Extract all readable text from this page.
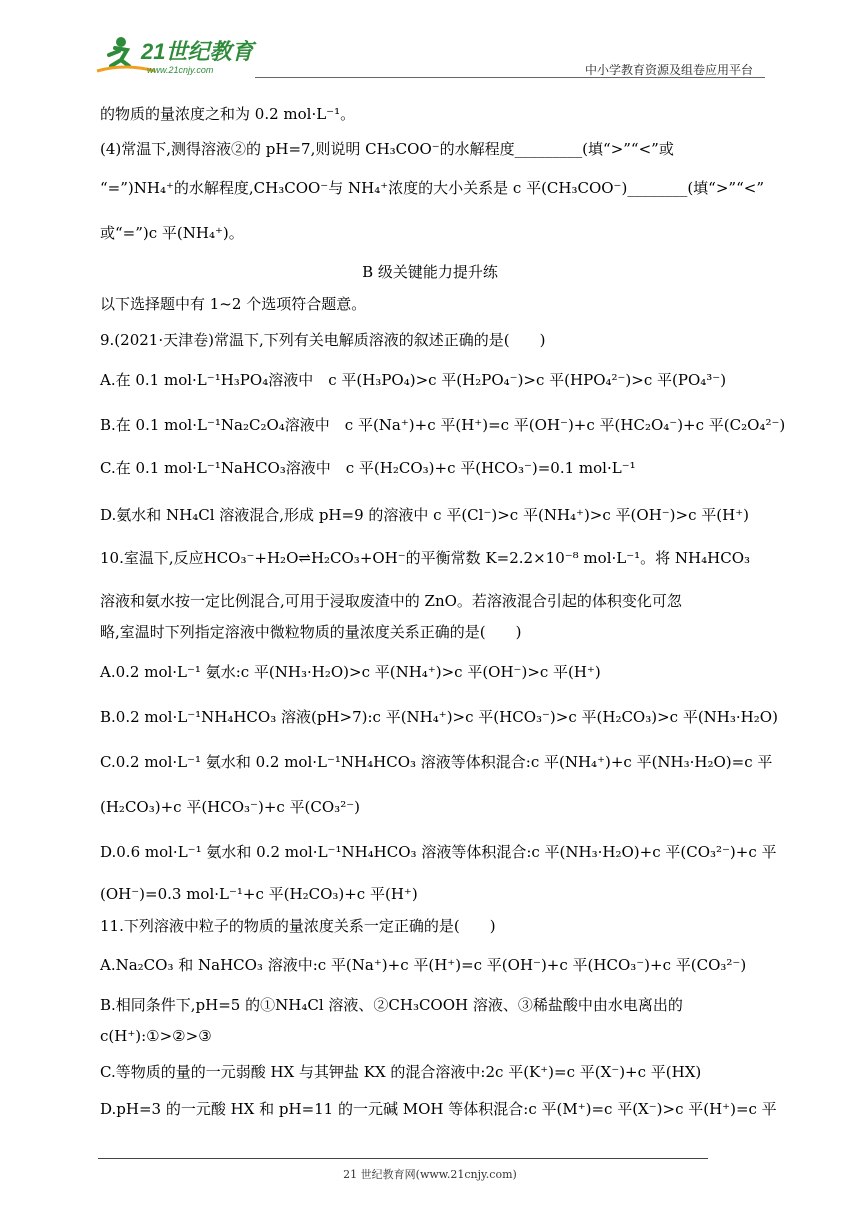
21世纪教育
www.21cnjy.com	中小学教育资源及组卷应用平台
的物质的量浓度之和为 0.2 mol·L⁻¹。
(4)常温下,测得溶液②的 pH=7,则说明 CH₃COO⁻的水解程度_________(填“>”“<”或
“=”)NH₄⁺的水解程度,CH₃COO⁻与 NH₄⁺浓度的大小关系是 c 平(CH₃COO⁻)________(填“>”“<”
或“=”)c 平(NH₄⁺)。
B 级关键能力提升练
以下选择题中有 1~2 个选项符合题意。
9.(2021·天津卷)常温下,下列有关电解质溶液的叙述正确的是(　　)
A.在 0.1 mol·L⁻¹H₃PO₄溶液中　c 平(H₃PO₄)>c 平(H₂PO₄⁻)>c 平(HPO₄²⁻)>c 平(PO₄³⁻)
B.在 0.1 mol·L⁻¹Na₂C₂O₄溶液中　c 平(Na⁺)+c 平(H⁺)=c 平(OH⁻)+c 平(HC₂O₄⁻)+c 平(C₂O₄²⁻)
C.在 0.1 mol·L⁻¹NaHCO₃溶液中　c 平(H₂CO₃)+c 平(HCO₃⁻)=0.1 mol·L⁻¹
D.氨水和 NH₄Cl 溶液混合,形成 pH=9 的溶液中 c 平(Cl⁻)>c 平(NH₄⁺)>c 平(OH⁻)>c 平(H⁺)
10.室温下,反应HCO₃⁻+H₂O⇌H₂CO₃+OH⁻的平衡常数 K=2.2×10⁻⁸ mol·L⁻¹。将 NH₄HCO₃
溶液和氨水按一定比例混合,可用于浸取废渣中的 ZnO。若溶液混合引起的体积变化可忽
略,室温时下列指定溶液中微粒物质的量浓度关系正确的是(　　)
A.0.2 mol·L⁻¹ 氨水:c 平(NH₃·H₂O)>c 平(NH₄⁺)>c 平(OH⁻)>c 平(H⁺)
B.0.2 mol·L⁻¹NH₄HCO₃ 溶液(pH>7):c 平(NH₄⁺)>c 平(HCO₃⁻)>c 平(H₂CO₃)>c 平(NH₃·H₂O)
C.0.2 mol·L⁻¹ 氨水和 0.2 mol·L⁻¹NH₄HCO₃ 溶液等体积混合:c 平(NH₄⁺)+c 平(NH₃·H₂O)=c 平
(H₂CO₃)+c 平(HCO₃⁻)+c 平(CO₃²⁻)
D.0.6 mol·L⁻¹ 氨水和 0.2 mol·L⁻¹NH₄HCO₃ 溶液等体积混合:c 平(NH₃·H₂O)+c 平(CO₃²⁻)+c 平
(OH⁻)=0.3 mol·L⁻¹+c 平(H₂CO₃)+c 平(H⁺)
11.下列溶液中粒子的物质的量浓度关系一定正确的是(　　)
A.Na₂CO₃ 和 NaHCO₃ 溶液中:c 平(Na⁺)+c 平(H⁺)=c 平(OH⁻)+c 平(HCO₃⁻)+c 平(CO₃²⁻)
B.相同条件下,pH=5 的①NH₄Cl 溶液、②CH₃COOH 溶液、③稀盐酸中由水电离出的
c(H⁺):①>②>③
C.等物质的量的一元弱酸 HX 与其钾盐 KX 的混合溶液中:2c 平(K⁺)=c 平(X⁻)+c 平(HX)
D.pH=3 的一元酸 HX 和 pH=11 的一元碱 MOH 等体积混合:c 平(M⁺)=c 平(X⁻)>c 平(H⁺)=c 平
21 世纪教育网(www.21cnjy.com)
